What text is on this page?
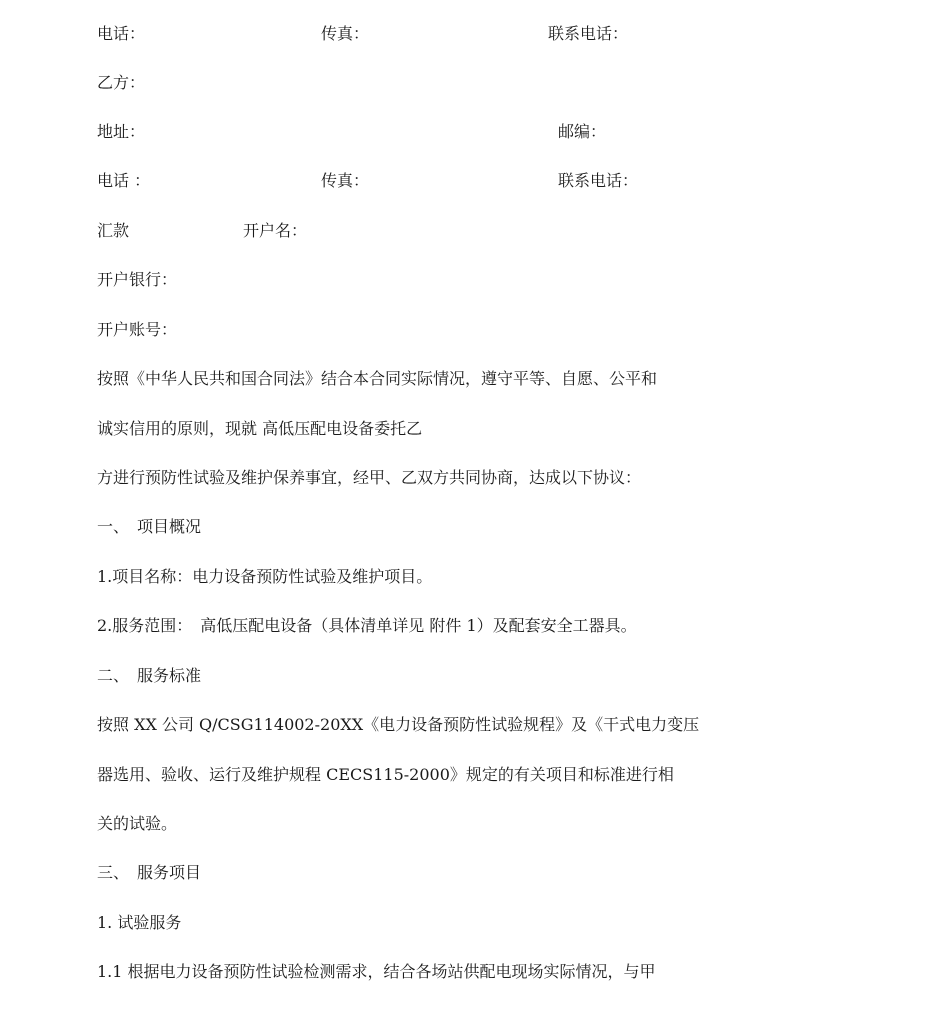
电话：	传真：	联系电话：
乙方：
地址：	邮编：
电话 ：	传真：	联系电话：
汇款	开户名：
开户银行：
开户账号：
按照《中华人民共和国合同法》结合本合同实际情况，遵守平等、自愿、公平和
诚实信用的原则，现就 高低压配电设备委托乙
方进行预防性试验及维护保养事宜，经甲、乙双方共同协商，达成以下协议：
一、　项目概况
1.项目名称：电力设备预防性试验及维护项目。
2.服务范围：　高低压配电设备（具体清单详见 附件 1）及配套安全工器具。
二、　服务标准
按照 XX 公司 Q/CSG114002-20XX《电力设备预防性试验规程》及《干式电力变压
器选用、验收、运行及维护规程 CECS115-2000》规定的有关项目和标准进行相
关的试验。
三、　服务项目
1. 试验服务
1.1 根据电力设备预防性试验检测需求，结合各场站供配电现场实际情况，与甲
